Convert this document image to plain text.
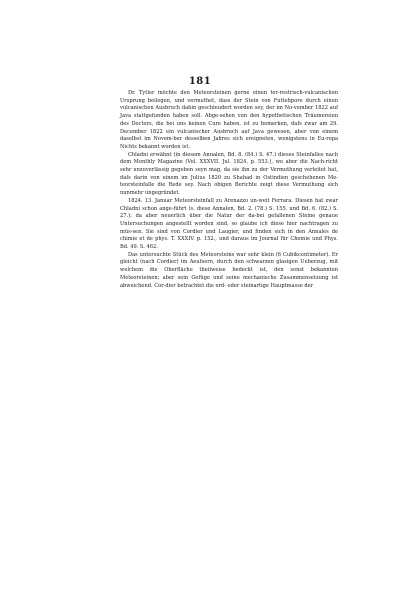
181

Dr. Tytler möchte den Meteorsteinen gerne einen ter-restrisch-vulcanischen Ursprung beilegen, und vermuthet, dass der Stein von Futtehpore durch einen vulcanischen Ausbruch dahin geschleudert worden sey, der im No-vember 1822 auf Java stattgefunden haben soll. Abge-sehen von den hypothetischen Träumereien des Doctors, die bei uns keinen Cure haben, ist zu bemerken, dafs zwar am 29. December 1822 ein vulcanischer Ausbruch auf Java gewesen, aber von einem daselbst im Novem-ber desselben Jahres sich ereigneten, wenigstens in Eu-ropa Nichts bekannt worden ist.

Chladni erwähnt (in diesem Annalen, Bd. 8. (84.) S. 47.) dieses Steinfalles nach dem Monthly Magazine (Vol. XXXVII. Jul. 1824, p. 553.), wo aber die Nach-richt sehr unzuverlässig gegeben seyn mag, da sie ihn zu der Vermuthung verleitet hat, dafs darin von einem im Julius 1820 zu Shahad in Ostindien geschehenen Me-teorsteinfalle die Rede sey. Nach obigen Berichte zeigt diese Vermuthung sich nunmehr ungegründet.

1824. 13. Januar Meteorsteinfall zu Arenazzo un-weit Ferrara. Diesen hat zwar Chladni schon ange-führt (s. diese Annalen, Bd. 2. (78.) S. 155. und Bd. 6. (82.) S. 27.); da aber neuerlich über die Natur der da-bei gefallenen Steine genaue Untersuchungen angestellt worden sind, so glaube ich diese hier nachtragen zu müs-sen. Sie sind von Cordier und Laugier, und finden sich in den Annales de chimie et de phys. T. XXXIV. p. 152., und daraus im Journal für Chemie und Phys. Bd. 49. S. 462.

Das untersuchte Stück des Meteorsteins war sehr klein (6 Cubikcentimeter). Er gleicht (nach Cordier) im Aeufsern, durch den schwarzen glasigen Ueberzug, mit welchem die Oberfläche theilweise bedeckt ist, den sonst bekannten Meteorsteinen; aber sein Gefüge und seine mechanische Zusammensetzung ist abweichend. Cor-dier betrachtet die erd- oder steinartige Hauptmasse der
